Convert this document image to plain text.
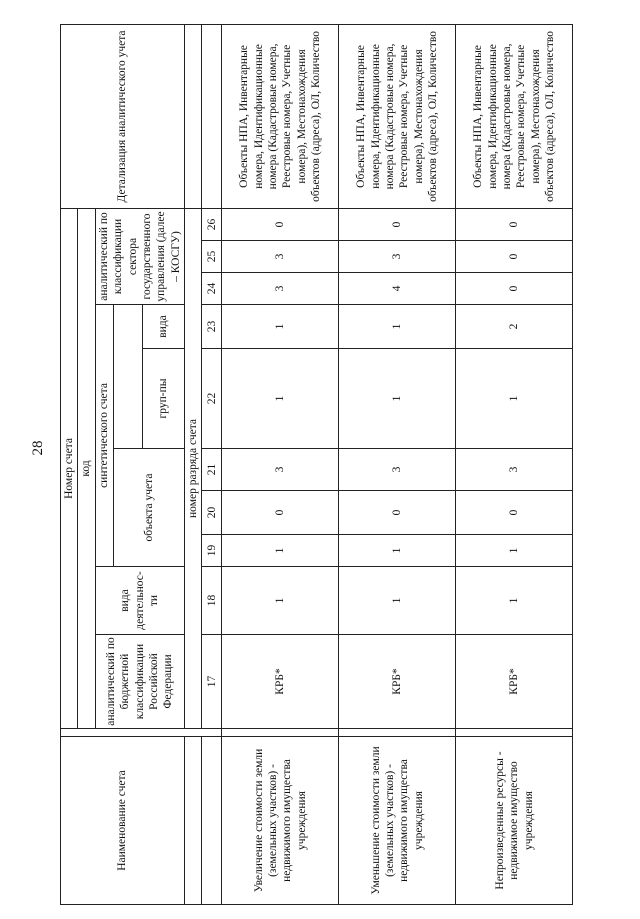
28
Наименование счета		Номер счета										Детализация аналитического учета
		код										
		аналитический по бюджетной классификации Российской Федерации	вида деятельнос-ти	синтетического счета					аналитический по классификации сектора государственного управления (далее – КОСГУ)			
				объекта учета								
							груп-пы	вида				
		номер разряда счета										
		17	18	19	20	21	22	23	24	25	26	
Увеличение стоимости земли (земельных участков) - недвижимого имущества учреждения		КРБ*	1	1	0	3	1	1	3	3	0	Объекты НПА, Инвентарные номера, Идентификационные номера (Кадастровые номера, Реестровые номера, Учетные номера), Местонахождения объектов (адреса), ОЛ, Количество
Уменьшение стоимости земли (земельных участков) - недвижимого имущества учреждения		КРБ*	1	1	0	3	1	1	4	3	0	Объекты НПА, Инвентарные номера, Идентификационные номера (Кадастровые номера, Реестровые номера, Учетные номера), Местонахождения объектов (адреса), ОЛ, Количество
Непроизведенные ресурсы - недвижимое имущество учреждения		КРБ*	1	1	0	3	1	2	0	0	0	Объекты НПА, Инвентарные номера, Идентификационные номера (Кадастровые номера, Реестровые номера, Учетные номера), Местонахождения объектов (адреса), ОЛ, Количество
